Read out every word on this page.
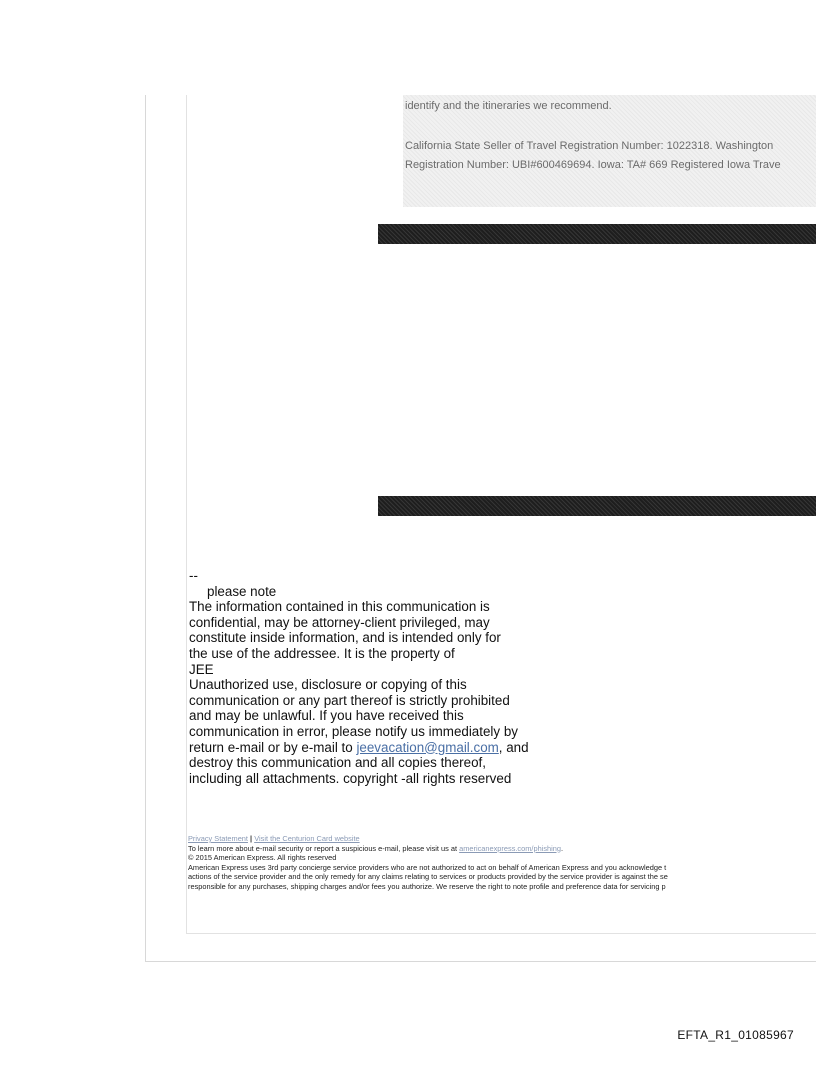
identify and the itineraries we recommend.

California State Seller of Travel Registration Number: 1022318. Washington

Registration Number: UBI#600469694. Iowa: TA# 669 Registered Iowa Trave

--
please note
The information contained in this communication is
confidential, may be attorney-client privileged, may
constitute inside information, and is intended only for
the use of the addressee. It is the property of
JEE
Unauthorized use, disclosure or copying of this
communication or any part thereof is strictly prohibited
and may be unlawful. If you have received this
communication in error, please notify us immediately by
return e-mail or by e-mail to jeevacation@gmail.com, and
destroy this communication and all copies thereof,
including all attachments. copyright -all rights reserved
Privacy Statement | Visit the Centurion Card website
To learn more about e-mail security or report a suspicious e-mail, please visit us at americanexpress.com/phishing.
© 2015 American Express. All rights reserved
American Express uses 3rd party concierge service providers who are not authorized to act on behalf of American Express and you acknowledge t
actions of the service provider and the only remedy for any claims relating to services or products provided by the service provider is against the se
responsible for any purchases, shipping charges and/or fees you authorize. We reserve the right to note profile and preference data for servicing p
EFTA_R1_01085967
